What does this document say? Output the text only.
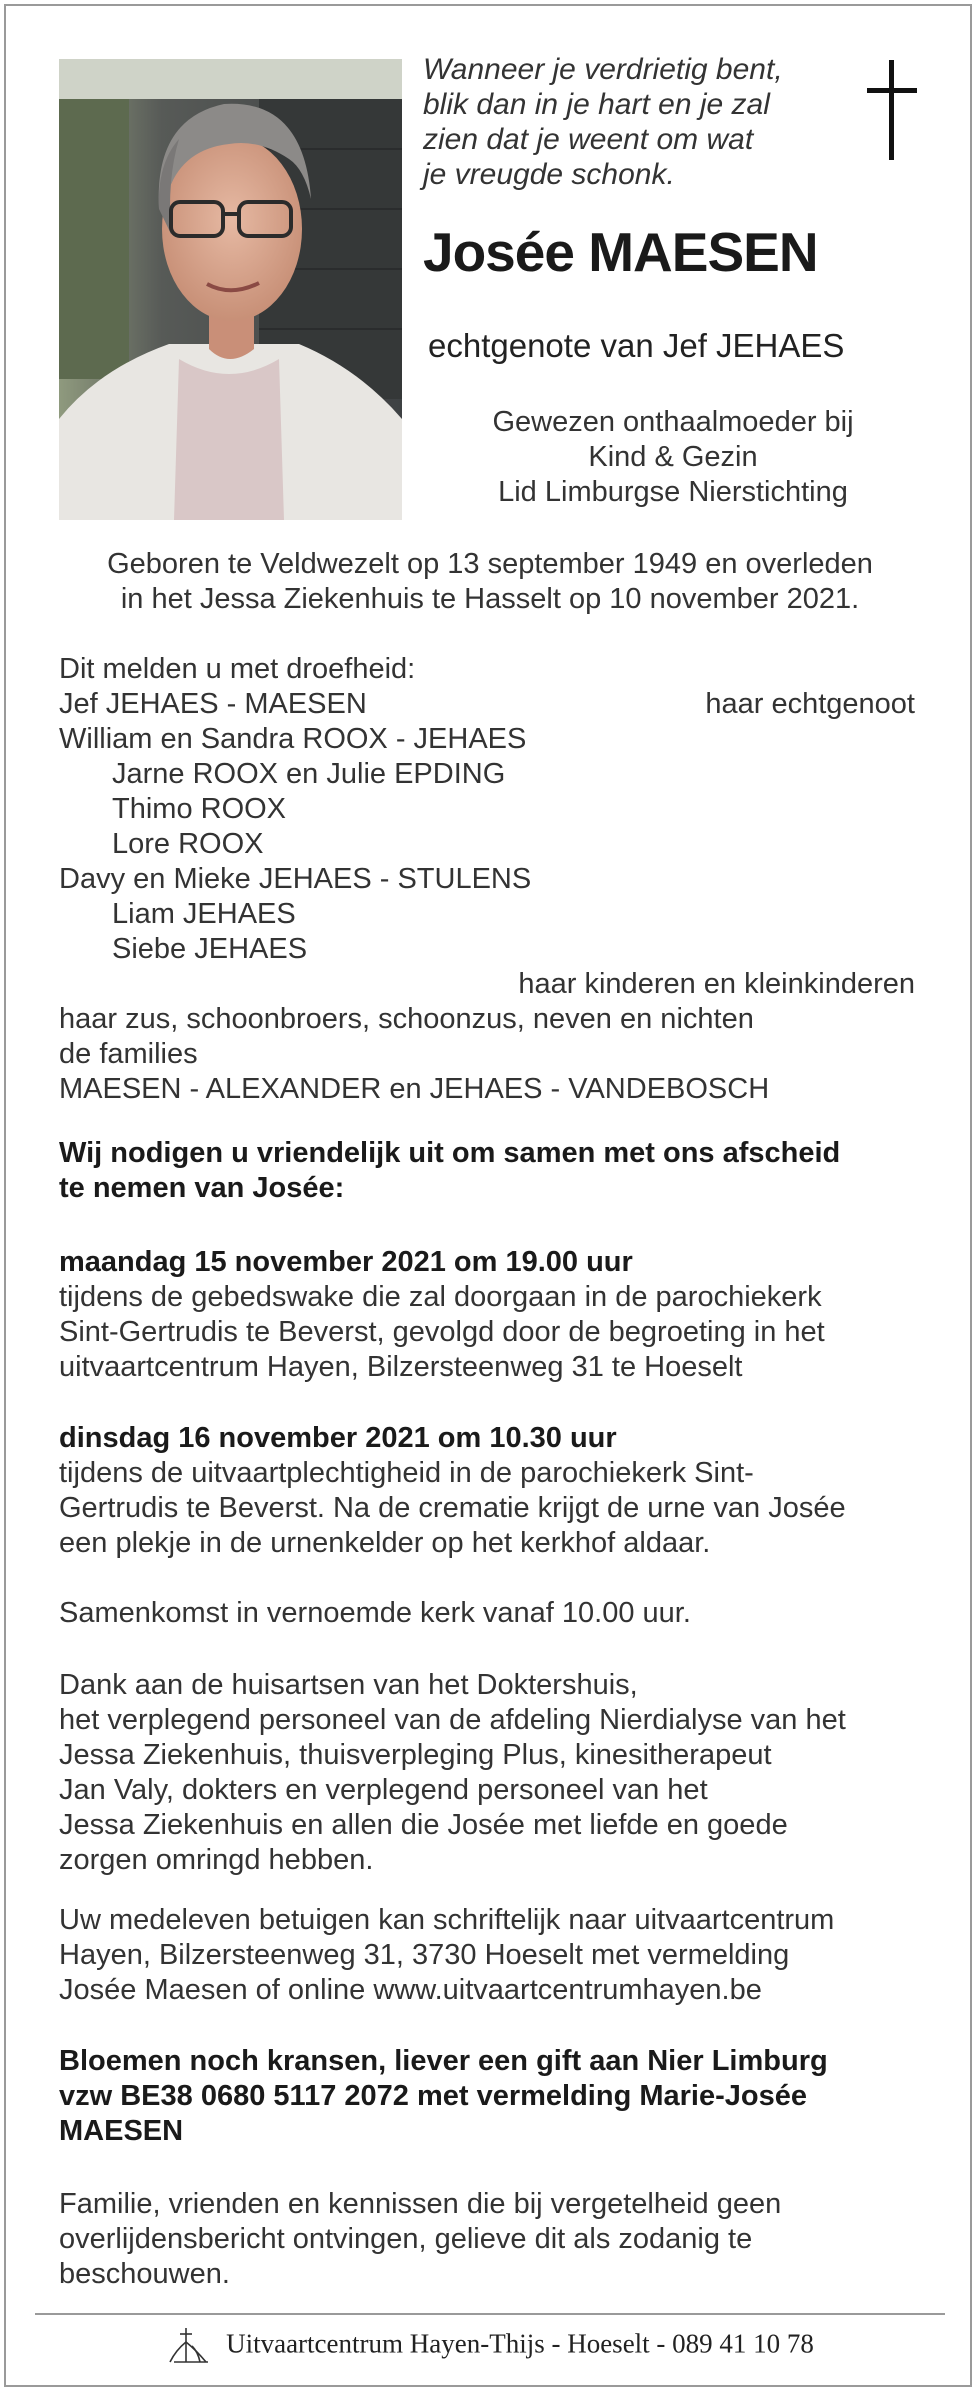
Wanneer je verdrietig bent,
blik dan in je hart en je zal
zien dat je weent om wat
je vreugde schonk.
Josée MAESEN
echtgenote van Jef JEHAES
Gewezen onthaalmoeder bij
Kind & Gezin
Lid Limburgse Nierstichting
Geboren te Veldwezelt op 13 september 1949 en overleden
in het Jessa Ziekenhuis te Hasselt op 10 november 2021.
Dit melden u met droefheid:
Jef JEHAES - MAESEN	haar echtgenoot
William en Sandra ROOX - JEHAES
Jarne ROOX en Julie EPDING
Thimo ROOX
Lore ROOX
Davy en Mieke JEHAES - STULENS
Liam JEHAES
Siebe JEHAES
haar kinderen en kleinkinderen
haar zus, schoonbroers, schoonzus, neven en nichten
de families
MAESEN - ALEXANDER en JEHAES - VANDEBOSCH
Wij nodigen u vriendelijk uit om samen met ons afscheid
te nemen van Josée:
maandag 15 november 2021 om 19.00 uur
tijdens de gebedswake die zal doorgaan in de parochiekerk
Sint-Gertrudis te Beverst, gevolgd door de begroeting in het
uitvaartcentrum Hayen, Bilzersteenweg 31 te Hoeselt
dinsdag 16 november 2021 om 10.30 uur
tijdens de uitvaartplechtigheid in de parochiekerk Sint-
Gertrudis te Beverst. Na de crematie krijgt de urne van Josée
een plekje in de urnenkelder op het kerkhof aldaar.
Samenkomst in vernoemde kerk vanaf 10.00 uur.
Dank aan de huisartsen van het Doktershuis,
het verplegend personeel van de afdeling Nierdialyse van het
Jessa Ziekenhuis, thuisverpleging Plus, kinesitherapeut
Jan Valy, dokters en verplegend personeel van het
Jessa Ziekenhuis en allen die Josée met liefde en goede
zorgen omringd hebben.
Uw medeleven betuigen kan schriftelijk naar uitvaartcentrum
Hayen, Bilzersteenweg 31, 3730 Hoeselt met vermelding
Josée Maesen of online www.uitvaartcentrumhayen.be
Bloemen noch kransen, liever een gift aan Nier Limburg
vzw BE38 0680 5117 2072 met vermelding Marie-Josée
MAESEN
Familie, vrienden en kennissen die bij vergetelheid geen
overlijdensbericht ontvingen, gelieve dit als zodanig te
beschouwen.
Uitvaartcentrum Hayen-Thijs - Hoeselt - 089 41 10 78
